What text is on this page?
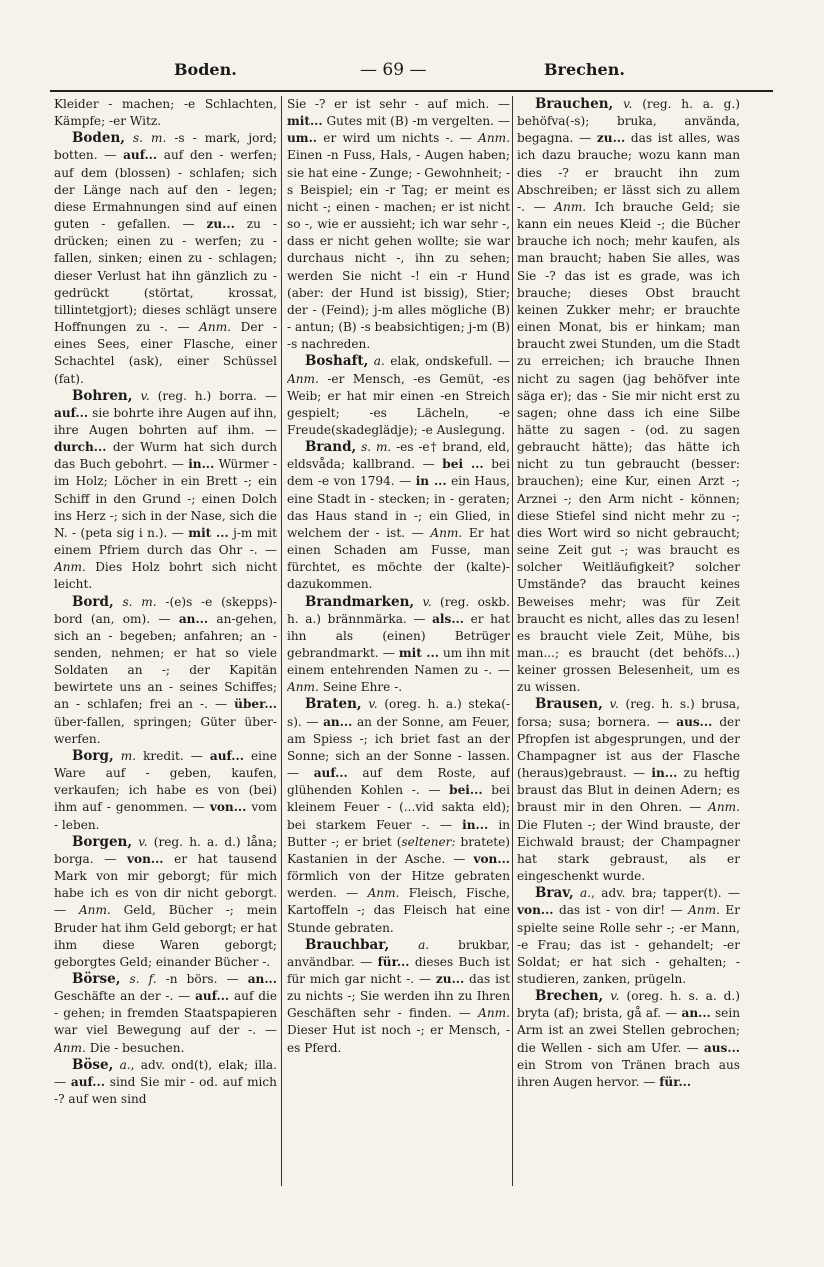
Boden.	— 69 —	Brechen.

Kleider - machen; -e Schlachten, Kämpfe; -er Witz.

Boden, s. m. -s - mark, jord; botten. — auf... auf den - werfen; auf dem (blossen) - schlafen; sich der Länge nach auf den - legen; diese Ermahnungen sind auf einen guten - gefallen. — zu... zu - drücken; einen zu - werfen; zu - fallen, sinken; einen zu - schlagen; dieser Verlust hat ihn gänzlich zu - gedrückt (störtat, krossat, tillintetgjort); dieses schlägt unsere Hoffnungen zu -. — Anm. Der - eines Sees, einer Flasche, einer Schachtel (ask), einer Schüssel (fat).

Bohren, v. (reg. h.) borra. — auf... sie bohrte ihre Augen auf ihn, ihre Augen bohrten auf ihm. — durch... der Wurm hat sich durch das Buch gebohrt. — in... Würmer - im Holz; Löcher in ein Brett -; ein Schiff in den Grund -; einen Dolch ins Herz -; sich in der Nase, sich die N. - (peta sig i n.). — mit ... j-m mit einem Pfriem durch das Ohr -. — Anm. Dies Holz bohrt sich nicht leicht.

Bord, s. m. -(e)s -e (skepps)-bord (an, om). — an... an-gehen, sich an - begeben; anfahren; an - senden, nehmen; er hat so viele Soldaten an -; der Kapitän bewirtete uns an - seines Schiffes; an - schlafen; frei an -. — über... über-fallen, springen; Güter über-werfen.

Borg, m. kredit. — auf... eine Ware auf - geben, kaufen, verkaufen; ich habe es von (bei) ihm auf - genommen. — von... vom - leben.

Borgen, v. (reg. h. a. d.) låna; borga. — von... er hat tausend Mark von mir geborgt; für mich habe ich es von dir nicht geborgt. — Anm. Geld, Bücher -; mein Bruder hat ihm Geld geborgt; er hat ihm diese Waren geborgt; geborgtes Geld; einander Bücher -.

Börse, s. f. -n börs. — an... Geschäfte an der -. — auf... auf die - gehen; in fremden Staatspapieren war viel Bewegung auf der -. — Anm. Die - besuchen.

Böse, a., adv. ond(t), elak; illa. — auf... sind Sie mir - od. auf mich -? auf wen sind

Sie -? er ist sehr - auf mich. — mit... Gutes mit (B) -m vergelten. — um.. er wird um nichts -. — Anm. Einen -n Fuss, Hals, - Augen haben; sie hat eine - Zunge; - Gewohnheit; -s Beispiel; ein -r Tag; er meint es nicht -; einen - machen; er ist nicht so -, wie er aussieht; ich war sehr -, dass er nicht gehen wollte; sie war durchaus nicht -, ihn zu sehen; werden Sie nicht -! ein -r Hund (aber: der Hund ist bissig), Stier; der - (Feind); j-m alles mögliche (B) - antun; (B) -s beabsichtigen; j-m (B) -s nachreden.

Boshaft, a. elak, ondskefull. — Anm. -er Mensch, -es Gemüt, -es Weib; er hat mir einen -en Streich gespielt; -es Lächeln, -e Freude(skadeglädje); -e Auslegung.

Brand, s. m. -es -e† brand, eld, eldsvåda; kallbrand. — bei ... bei dem -e von 1794. — in ... ein Haus, eine Stadt in - stecken; in - geraten; das Haus stand in -; ein Glied, in welchem der - ist. — Anm. Er hat einen Schaden am Fusse, man fürchtet, es möchte der (kalte)-dazukommen.

Brandmarken, v. (reg. oskb. h. a.) brännmärka. — als... er hat ihn als (einen) Betrüger gebrandmarkt. — mit ... um ihn mit einem entehrenden Namen zu -. — Anm. Seine Ehre -.

Braten, v. (oreg. h. a.) steka(-s). — an... an der Sonne, am Feuer, am Spiess -; ich briet fast an der Sonne; sich an der Sonne - lassen. — auf... auf dem Roste, auf glühenden Kohlen -. — bei... bei kleinem Feuer - (...vid sakta eld); bei starkem Feuer -. — in... in Butter -; er briet (seltener: bratete) Kastanien in der Asche. — von... förmlich von der Hitze gebraten werden. — Anm. Fleisch, Fische, Kartoffeln -; das Fleisch hat eine Stunde gebraten.

Brauchbar, a. brukbar, användbar. — für... dieses Buch ist für mich gar nicht -. — zu... das ist zu nichts -; Sie werden ihn zu Ihren Geschäften sehr - finden. — Anm. Dieser Hut ist noch -; er Mensch, -es Pferd.

Brauchen, v. (reg. h. a. g.) behöfva(-s); bruka, använda, begagna. — zu... das ist alles, was ich dazu brauche; wozu kann man dies -? er braucht ihn zum Abschreiben; er lässt sich zu allem -. — Anm. Ich brauche Geld; sie kann ein neues Kleid -; die Bücher brauche ich noch; mehr kaufen, als man braucht; haben Sie alles, was Sie -? das ist es grade, was ich brauche; dieses Obst braucht keinen Zukker mehr; er brauchte einen Monat, bis er hinkam; man braucht zwei Stunden, um die Stadt zu erreichen; ich brauche Ihnen nicht zu sagen (jag behöfver inte säga er); das - Sie mir nicht erst zu sagen; ohne dass ich eine Silbe hätte zu sagen - (od. zu sagen gebraucht hätte); das hätte ich nicht zu tun gebraucht (besser: brauchen); eine Kur, einen Arzt -; Arznei -; den Arm nicht - können; diese Stiefel sind nicht mehr zu -; dies Wort wird so nicht gebraucht; seine Zeit gut -; was braucht es solcher Weitläufigkeit? solcher Umstände? das braucht keines Beweises mehr; was für Zeit braucht es nicht, alles das zu lesen! es braucht viele Zeit, Mühe, bis man...; es braucht (det behöfs...) keiner grossen Belesenheit, um es zu wissen.

Brausen, v. (reg. h. s.) brusa, forsa; susa; bornera. — aus... der Pfropfen ist abgesprungen, und der Champagner ist aus der Flasche (heraus)gebraust. — in... zu heftig braust das Blut in deinen Adern; es braust mir in den Ohren. — Anm. Die Fluten -; der Wind brauste, der Eichwald braust; der Champagner hat stark gebraust, als er eingeschenkt wurde.

Brav, a., adv. bra; tapper(t). — von... das ist - von dir! — Anm. Er spielte seine Rolle sehr -; -er Mann, -e Frau; das ist - gehandelt; -er Soldat; er hat sich - gehalten; - studieren, zanken, prügeln.

Brechen, v. (oreg. h. s. a. d.) bryta (af); brista, gå af. — an... sein Arm ist an zwei Stellen gebrochen; die Wellen - sich am Ufer. — aus... ein Strom von Tränen brach aus ihren Augen hervor. — für...
